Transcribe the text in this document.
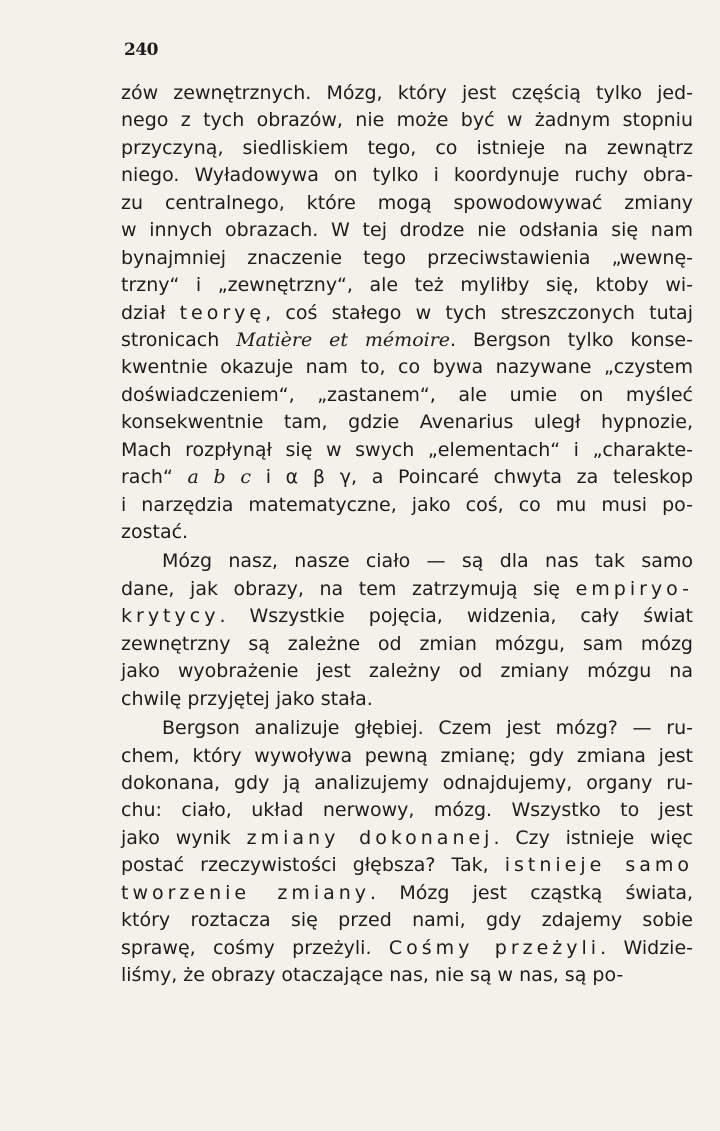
240
zów zewnętrznych. Mózg, który jest częścią tylko jed-
nego z tych obrazów, nie może być w żadnym stopniu
przyczyną, siedliskiem tego, co istnieje na zewnątrz
niego. Wyładowywa on tylko i koordynuje ruchy obra-
zu centralnego, które mogą spowodowywać zmiany
w innych obrazach. W tej drodze nie odsłania się nam
bynajmniej znaczenie tego przeciwstawienia „wewnę-
trzny“ i „zewnętrzny“, ale też myliłby się, ktoby wi-
dział teoryę, coś stałego w tych streszczonych tutaj
stronicach Matière et mémoire. Bergson tylko konse-
kwentnie okazuje nam to, co bywa nazywane „czystem
doświadczeniem“, „zastanem“, ale umie on myśleć
konsekwentnie tam, gdzie Avenarius uległ hypnozie,
Mach rozpłynął się w swych „elementach“ i „charakte-
rach“ a b c i α β γ, a Poincaré chwyta za teleskop
i narzędzia matematyczne, jako coś, co mu musi po-
zostać.
Mózg nasz, nasze ciało — są dla nas tak samo
dane, jak obrazy, na tem zatrzymują się empiryo-
krytycy. Wszystkie pojęcia, widzenia, cały świat
zewnętrzny są zależne od zmian mózgu, sam mózg
jako wyobrażenie jest zależny od zmiany mózgu na
chwilę przyjętej jako stała.
Bergson analizuje głębiej. Czem jest mózg? — ru-
chem, który wywoływa pewną zmianę; gdy zmiana jest
dokonana, gdy ją analizujemy odnajdujemy, organy ru-
chu: ciało, układ nerwowy, mózg. Wszystko to jest
jako wynik zmiany dokonanej. Czy istnieje więc
postać rzeczywistości głębsza? Tak, istnieje samo
tworzenie zmiany. Mózg jest cząstką świata,
który roztacza się przed nami, gdy zdajemy sobie
sprawę, cośmy przeżyli. Cośmy przeżyli. Widzie-
liśmy, że obrazy otaczające nas, nie są w nas, są po-
